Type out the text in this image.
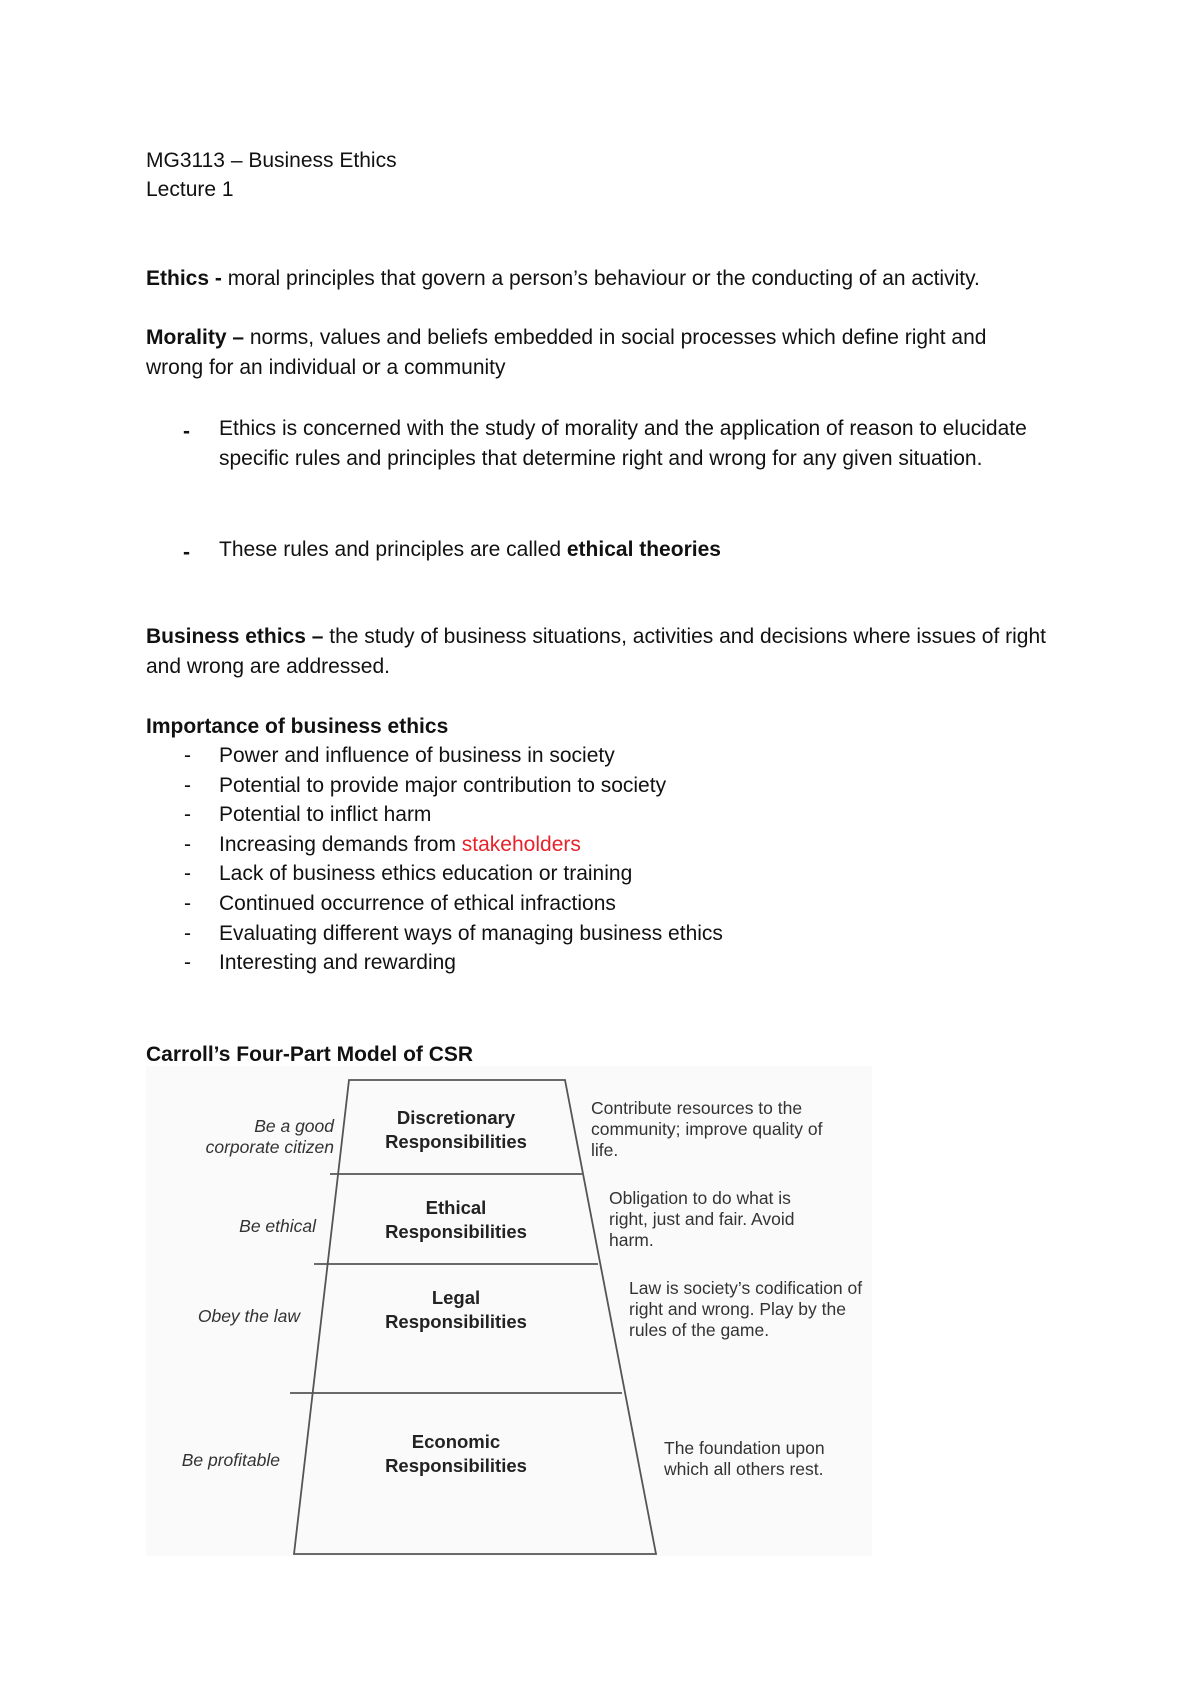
MG3113 – Business Ethics
Lecture 1
Ethics - moral principles that govern a person’s behaviour or the conducting of an activity.
Morality – norms, values and beliefs embedded in social processes which define right and wrong for an individual or a community
- Ethics is concerned with the study of morality and the application of reason to elucidate specific rules and principles that determine right and wrong for any given situation.
- These rules and principles are called ethical theories
Business ethics – the study of business situations, activities and decisions where issues of right and wrong are addressed.
Importance of business ethics
- Power and influence of business in society
- Potential to provide major contribution to society
- Potential to inflict harm
- Increasing demands from stakeholders
- Lack of business ethics education or training
- Continued occurrence of ethical infractions
- Evaluating different ways of managing business ethics
- Interesting and rewarding
Carroll’s Four-Part Model of CSR
Discretionary
Responsibilities
Ethical
Responsibilities
Legal
Responsibilities
Economic
Responsibilities
Be a good
corporate citizen
Be ethical
Obey the law
Be profitable
Contribute resources to the community; improve quality of life.
Obligation to do what is right, just and fair. Avoid harm.
Law is society’s codification of right and wrong. Play by the rules of the game.
The foundation upon which all others rest.
